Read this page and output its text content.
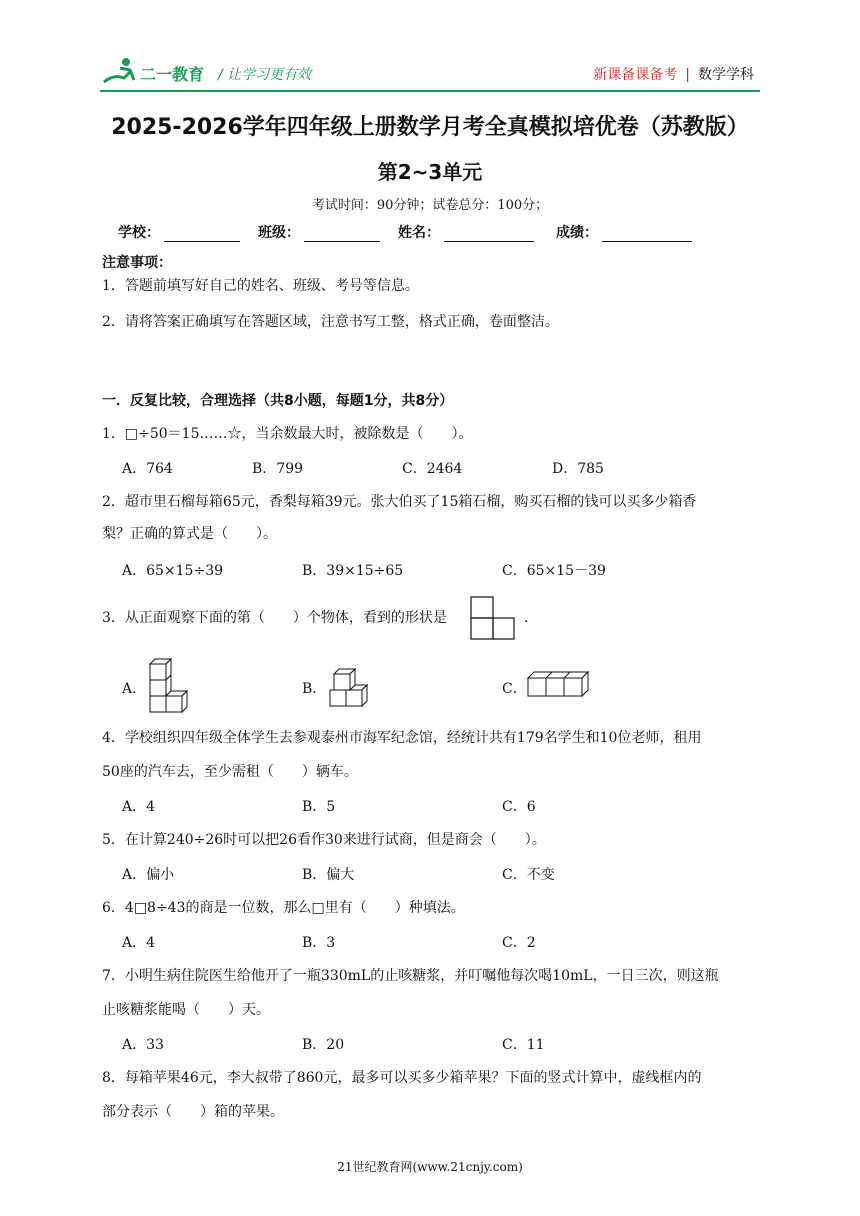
二一教育 / 让学习更有效	新课备课备考 | 数学学科
2025-2026学年四年级上册数学月考全真模拟培优卷（苏教版）
第2~3单元
考试时间：90分钟；试卷总分：100分；
学校：	班级：	姓名：	成绩：
注意事项：
1．答题前填写好自己的姓名、班级、考号等信息。
2．请将答案正确填写在答题区域，注意书写工整，格式正确，卷面整洁。
一．反复比较，合理选择（共8小题，每题1分，共8分）
1．□÷50＝15……☆，当余数最大时，被除数是（　　）。
A．764	B．799	C．2464	D．785
2．超市里石榴每箱65元，香梨每箱39元。张大伯买了15箱石榴，购买石榴的钱可以买多少箱香
梨？正确的算式是（　　）。
A．65×15÷39	B．39×15÷65	C．65×15－39
3．从正面观察下面的第（　　）个物体，看到的形状是	.
A．	B．	C．
4．学校组织四年级全体学生去参观泰州市海军纪念馆，经统计共有179名学生和10位老师，租用
50座的汽车去，至少需租（　　）辆车。
A．4	B．5	C．6
5．在计算240÷26时可以把26看作30来进行试商，但是商会（　　）。
A．偏小	B．偏大	C．不变
6．4□8÷43的商是一位数，那么□里有（　　）种填法。
A．4	B．3	C．2
7．小明生病住院医生给他开了一瓶330mL的止咳糖浆，并叮嘱他每次喝10mL，一日三次，则这瓶
止咳糖浆能喝（　　）天。
A．33	B．20	C．11
8．每箱苹果46元，李大叔带了860元，最多可以买多少箱苹果？下面的竖式计算中，虚线框内的
部分表示（　　）箱的苹果。
21世纪教育网(www.21cnjy.com)
